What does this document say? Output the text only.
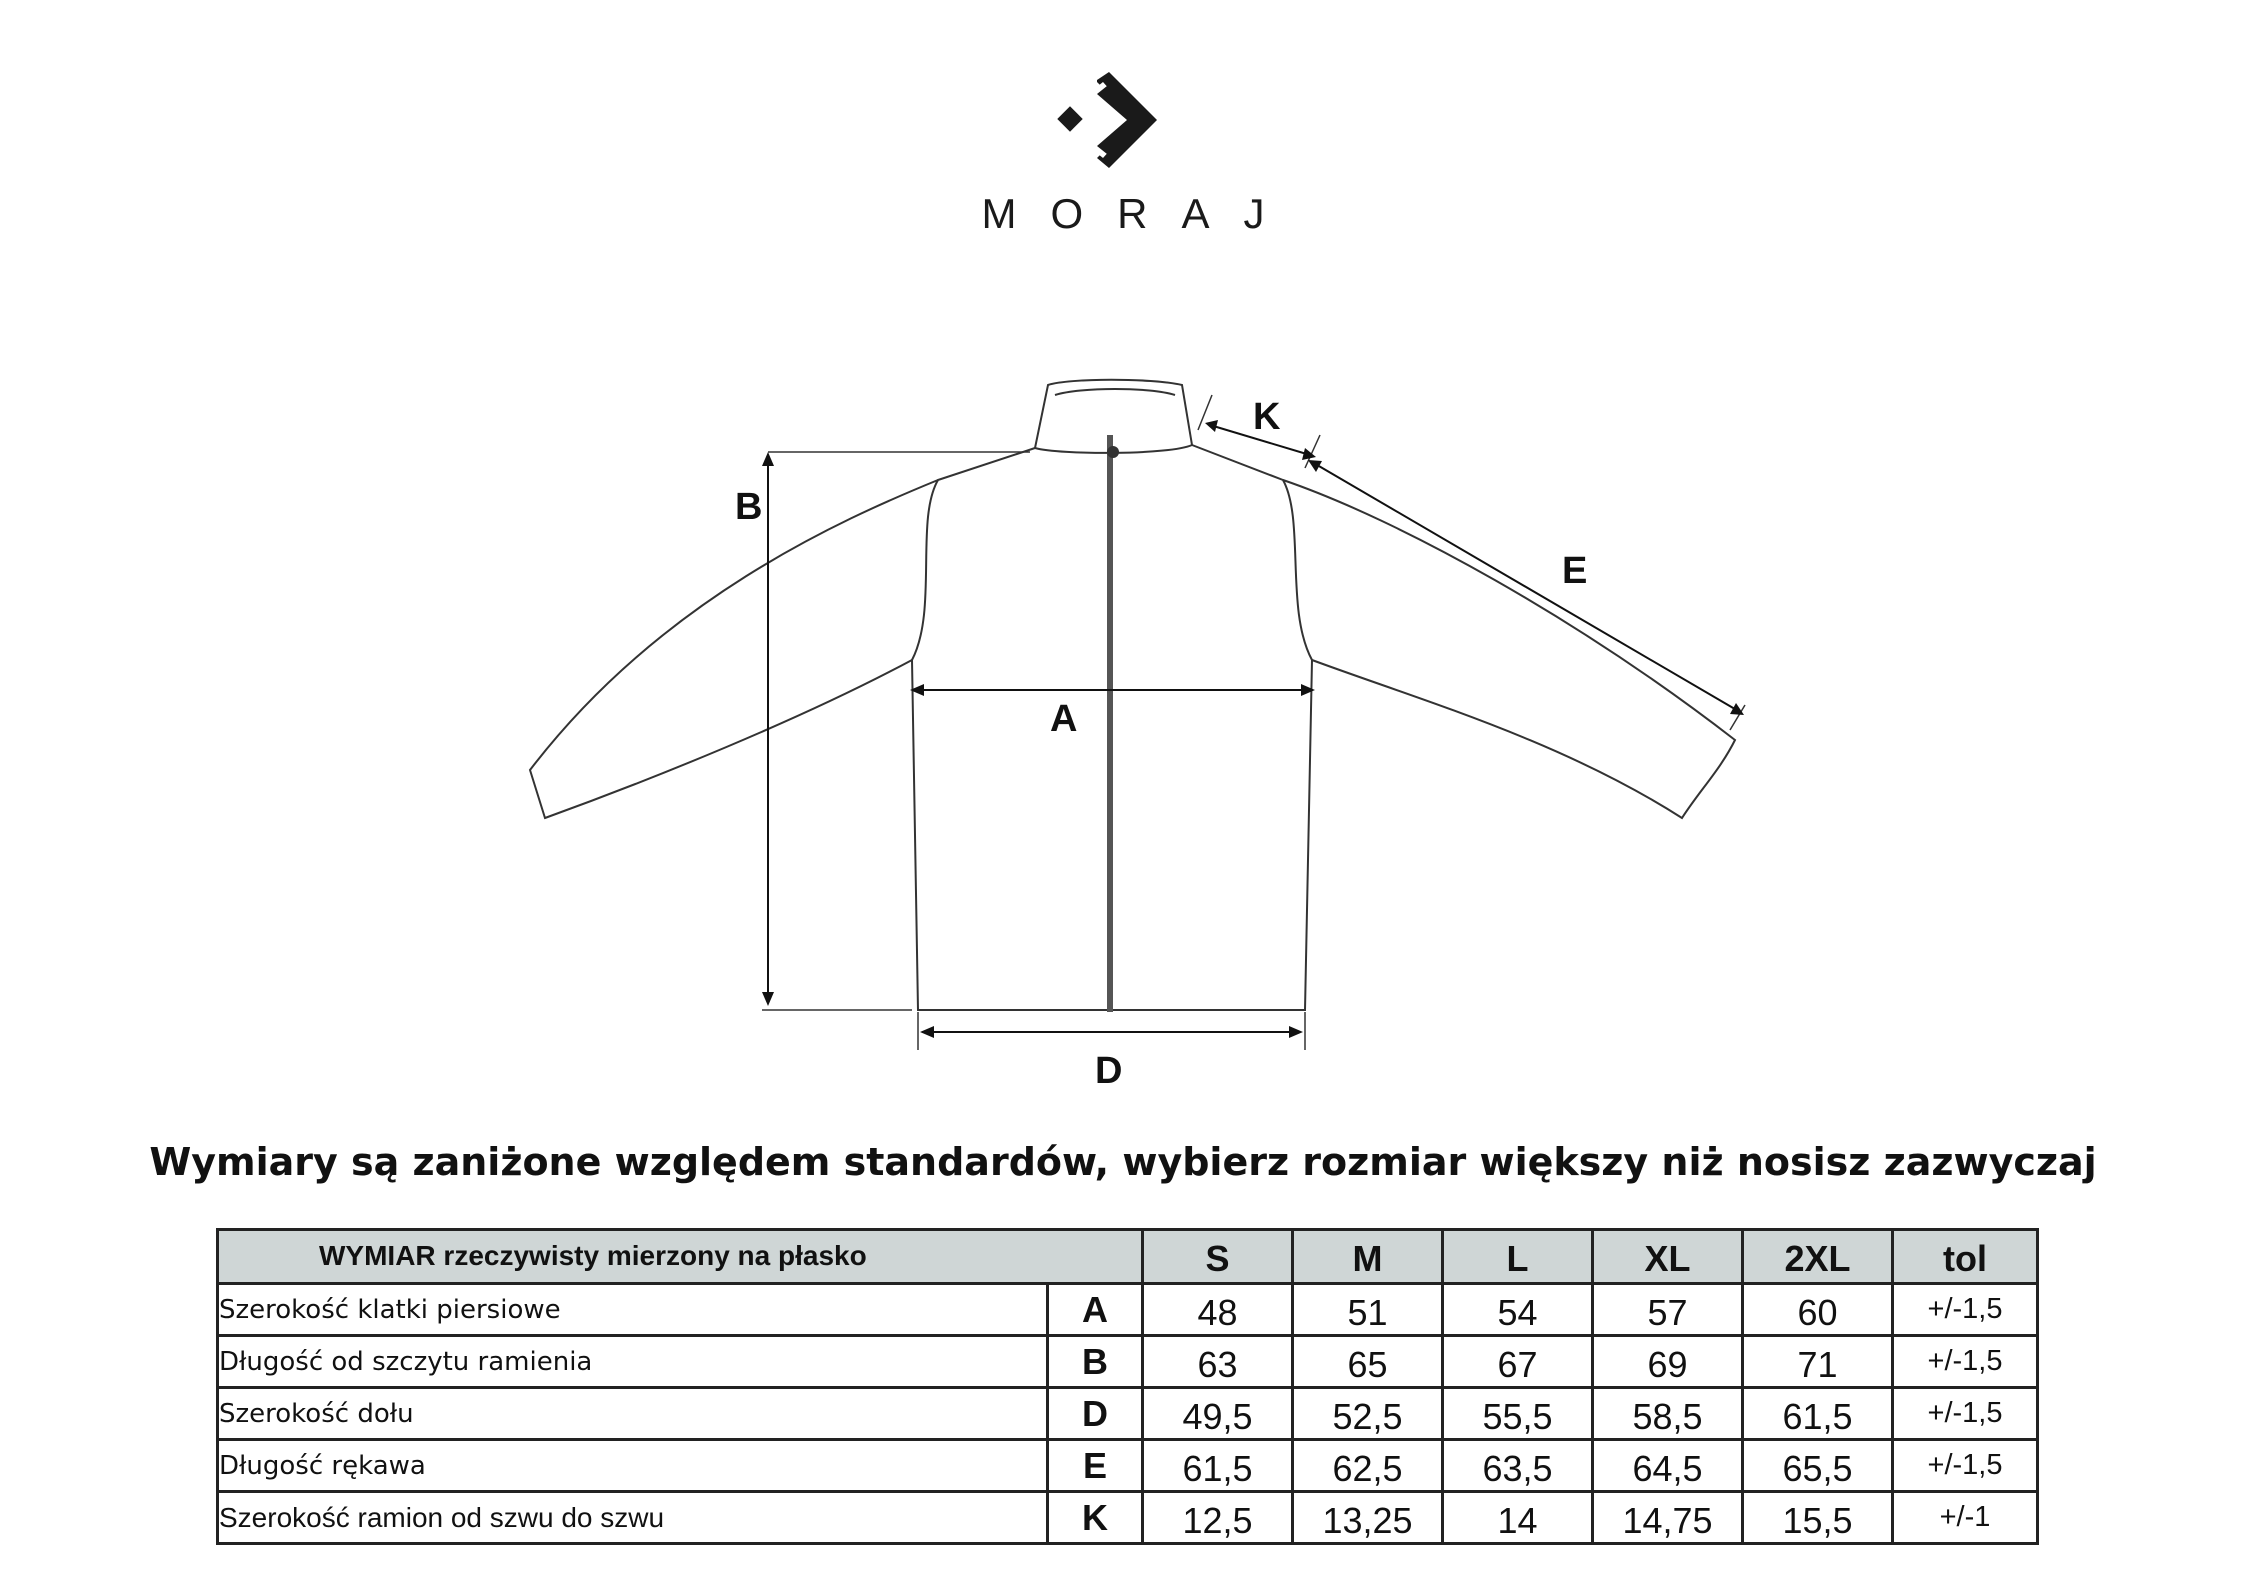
MORAJ
B
A
D
K
E
Wymiary są zaniżone względem standardów, wybierz rozmiar większy niż nosisz zazwyczaj
WYMIAR rzeczywisty mierzony na płasko		S	M	L	XL	2XL	tol
Szerokość klatki piersiowe	A	48	51	54	57	60	+/-1,5
Długość od szczytu ramienia	B	63	65	67	69	71	+/-1,5
Szerokość dołu	D	49,5	52,5	55,5	58,5	61,5	+/-1,5
Długość rękawa	E	61,5	62,5	63,5	64,5	65,5	+/-1,5
Szerokość ramion od szwu do szwu	K	12,5	13,25	14	14,75	15,5	+/-1
